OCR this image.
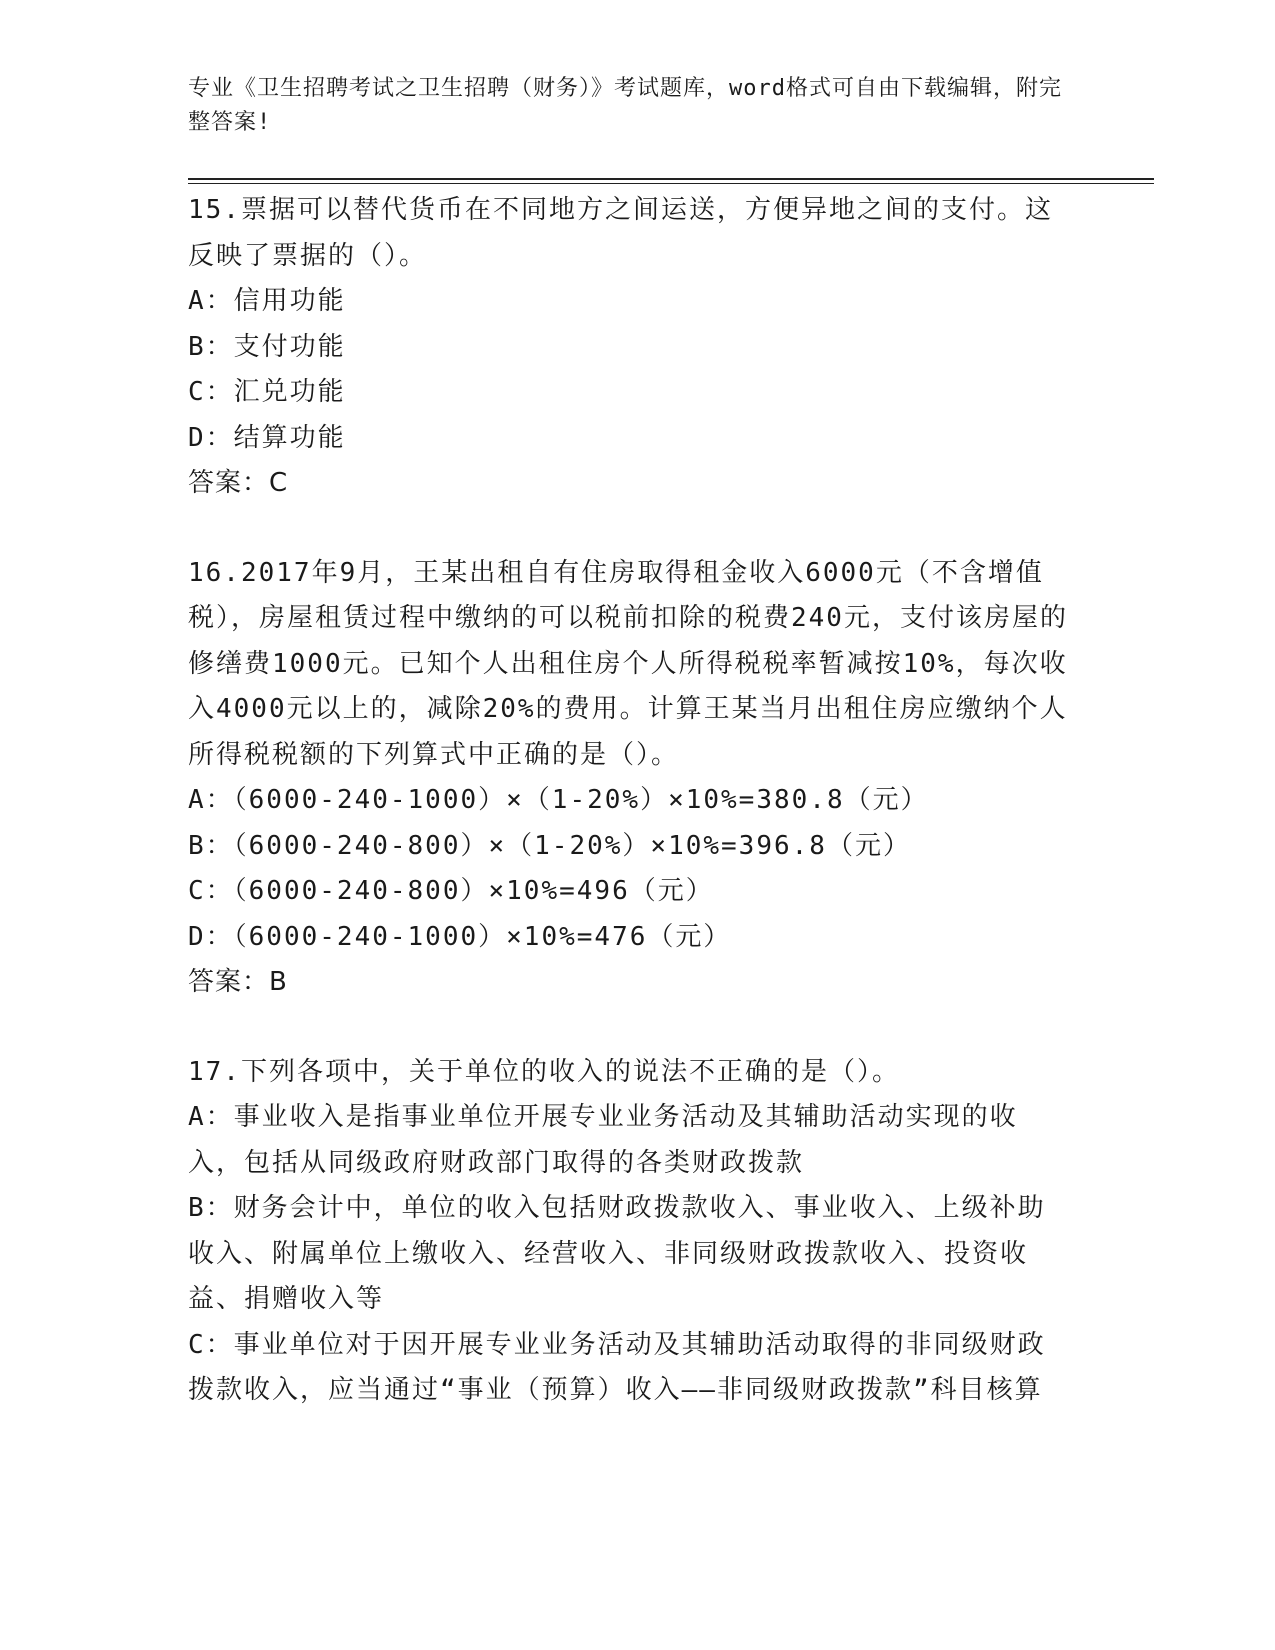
专业《卫生招聘考试之卫生招聘（财务）》考试题库，word格式可自由下载编辑，附完整答案!
15.票据可以替代货币在不同地方之间运送，方便异地之间的支付。这反映了票据的（）。
A：信用功能
B：支付功能
C：汇兑功能
D：结算功能
答案：C
16.2017年9月，王某出租自有住房取得租金收入6000元（不含增值税），房屋租赁过程中缴纳的可以税前扣除的税费240元，支付该房屋的修缮费1000元。已知个人出租住房个人所得税税率暂减按10%，每次收入4000元以上的，减除20%的费用。计算王某当月出租住房应缴纳个人所得税税额的下列算式中正确的是（）。
A：（6000-240-1000）×（1-20%）×10%=380.8（元）
B：（6000-240-800）×（1-20%）×10%=396.8（元）
C：（6000-240-800）×10%=496（元）
D：（6000-240-1000）×10%=476（元）
答案：B
17.下列各项中，关于单位的收入的说法不正确的是（）。
A：事业收入是指事业单位开展专业业务活动及其辅助活动实现的收入，包括从同级政府财政部门取得的各类财政拨款
B：财务会计中，单位的收入包括财政拨款收入、事业收入、上级补助收入、附属单位上缴收入、经营收入、非同级财政拨款收入、投资收益、捐赠收入等
C：事业单位对于因开展专业业务活动及其辅助活动取得的非同级财政拨款收入，应当通过“事业（预算）收入——非同级财政拨款”科目核算
